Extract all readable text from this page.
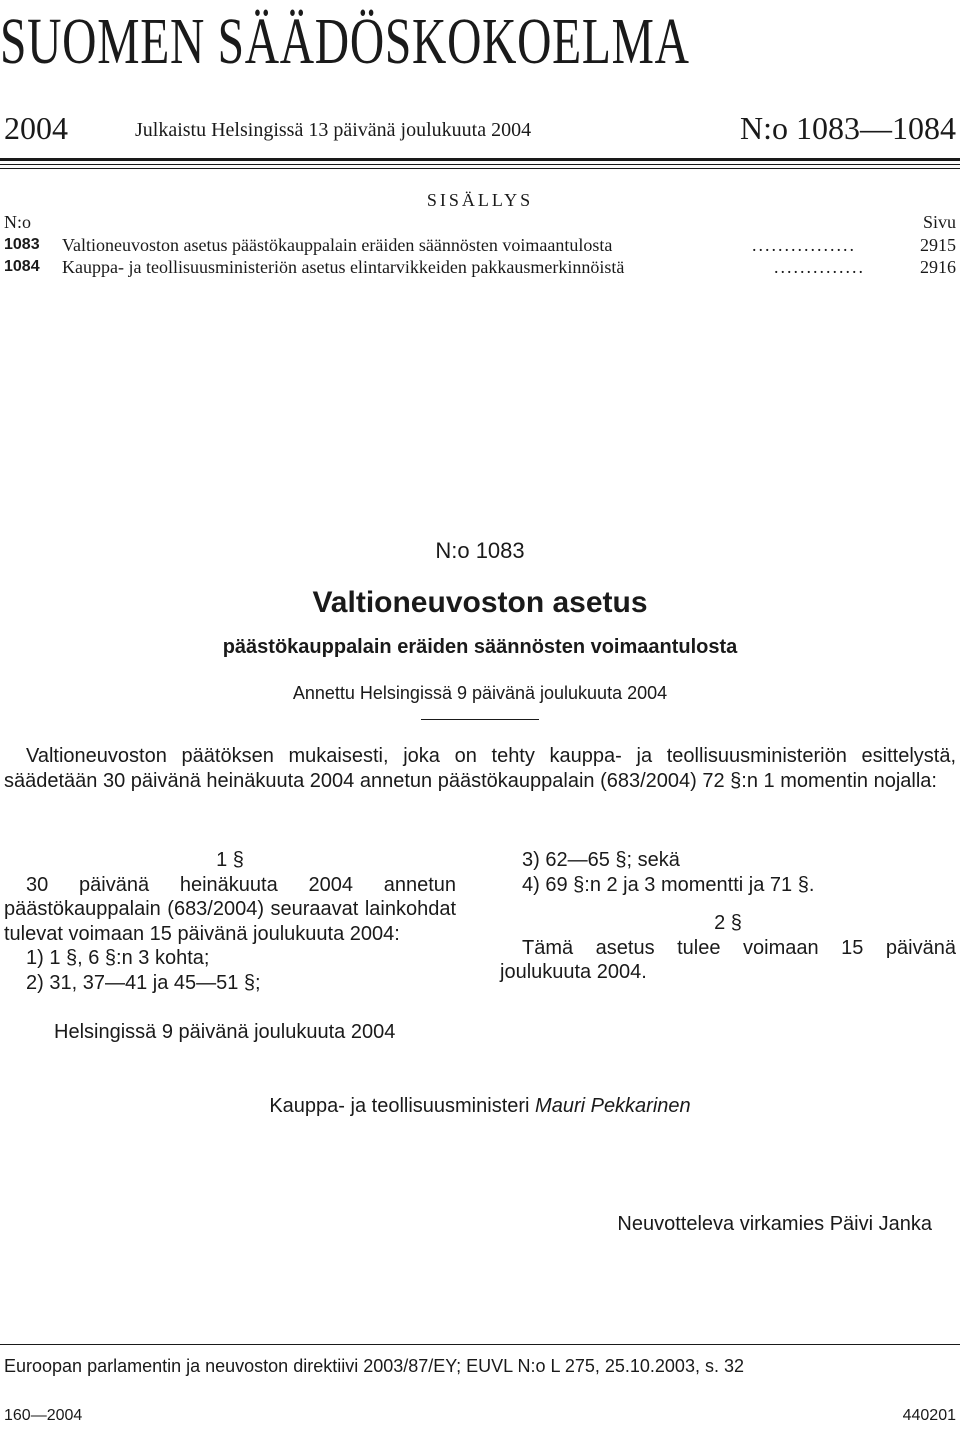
SUOMEN SÄÄDÖSKOKOELMA
2004	Julkaistu Helsingissä 13 päivänä joulukuuta 2004	N:o 1083—1084
SISÄLLYS
N:o	Sivu
1083 Valtioneuvoston asetus päästökauppalain eräiden säännösten voimaantulosta	................	2915
1084 Kauppa- ja teollisuusministeriön asetus elintarvikkeiden pakkausmerkinnöistä	..............	2916
N:o 1083
Valtioneuvoston asetus
päästökauppalain eräiden säännösten voimaantulosta
Annettu Helsingissä 9 päivänä joulukuuta 2004
Valtioneuvoston päätöksen mukaisesti, joka on tehty kauppa- ja teollisuusministeriön esittelystä, säädetään 30 päivänä heinäkuuta 2004 annetun päästökauppalain (683/2004) 72 §:n 1 momentin nojalla:
1 §
30 päivänä heinäkuuta 2004 annetun päästökauppalain (683/2004) seuraavat lainkohdat tulevat voimaan 15 päivänä joulukuuta 2004:
1) 1 §, 6 §:n 3 kohta;
2) 31, 37—41 ja 45—51 §;
3) 62—65 §; sekä
4) 69 §:n 2 ja 3 momentti ja 71 §.
2 §
Tämä asetus tulee voimaan 15 päivänä joulukuuta 2004.
Helsingissä 9 päivänä joulukuuta 2004
Kauppa- ja teollisuusministeri Mauri Pekkarinen
Neuvotteleva virkamies Päivi Janka
Euroopan parlamentin ja neuvoston direktiivi 2003/87/EY; EUVL N:o L 275, 25.10.2003, s. 32
160—2004	440201
